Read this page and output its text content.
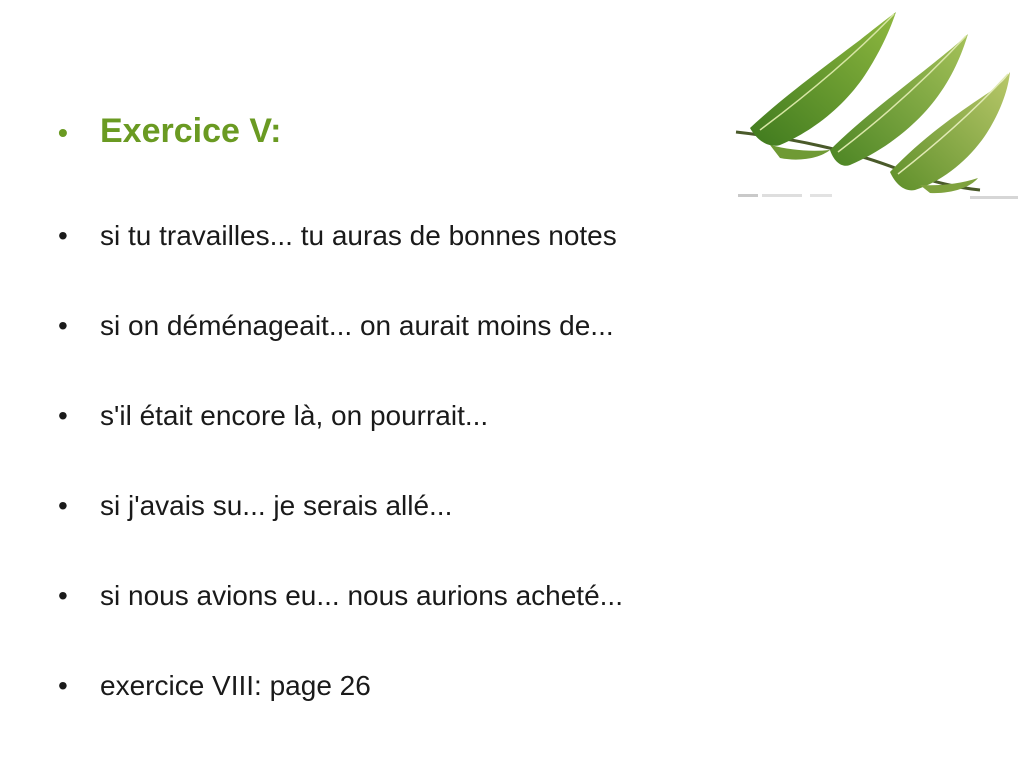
• Exercice V:
•	si tu travailles... tu auras de bonnes notes
•	si on déménageait... on aurait moins de...
•	s'il était encore là, on pourrait...
•	si j'avais su... je serais allé...
•	si nous avions eu... nous aurions acheté...
•	exercice VIII: page 26
